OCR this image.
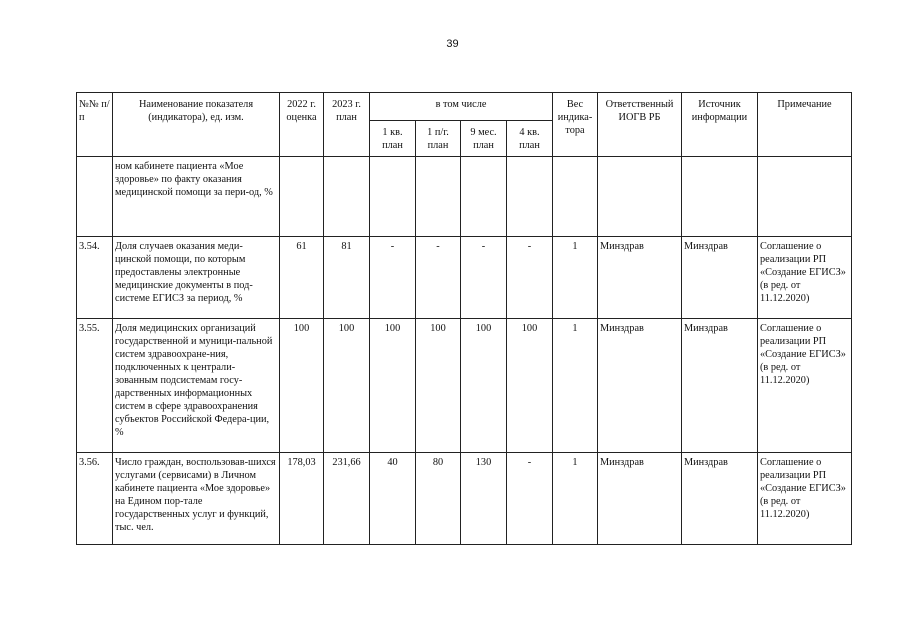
39
№№ п/п	Наименование показателя (индикатора), ед. изм.	2022 г. оценка	2023 г. план	в том числе				Вес индика-тора	Ответственный ИОГВ РБ	Источник информации	Примечание
				1 кв. план	1 п/г. план	9 мес. план	4 кв. план				
	ном кабинете пациента «Мое здоровье» по факту оказания медицинской помощи за пери-од, %										
3.54.	Доля случаев оказания меди-цинской помощи, по которым предоставлены электронные медицинские документы в под-системе ЕГИСЗ за период, %	61	81	-	-	-	-	1	Минздрав	Минздрав	Соглашение о реализации РП «Создание ЕГИСЗ» (в ред. от 11.12.2020)
3.55.	Доля медицинских организаций государственной и муници-пальной систем здравоохране-ния, подключенных к централи-зованным подсистемам госу-дарственных информационных систем в сфере здравоохранения субъектов Российской Федера-ции, %	100	100	100	100	100	100	1	Минздрав	Минздрав	Соглашение о реализации РП «Создание ЕГИСЗ» (в ред. от 11.12.2020)
3.56.	Число граждан, воспользовав-шихся услугами (сервисами) в Личном кабинете пациента «Мое здоровье» на Едином пор-тале государственных услуг и функций, тыс. чел.	178,03	231,66	40	80	130	-	1	Минздрав	Минздрав	Соглашение о реализации РП «Создание ЕГИСЗ» (в ред. от 11.12.2020)
